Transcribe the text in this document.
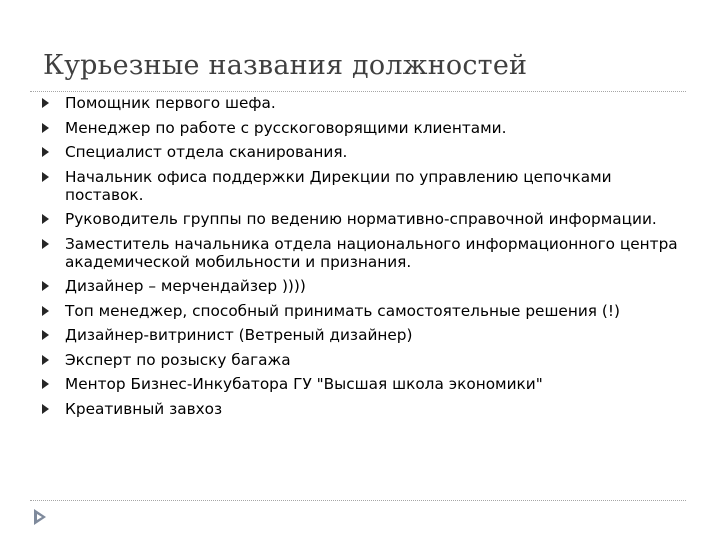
Курьезные названия должностей
Помощник первого шефа.
Менеджер по работе с русскоговорящими клиентами.
Специалист отдела сканирования.
Начальник офиса поддержки Дирекции по управлению цепочками поставок.
Руководитель группы по ведению нормативно-справочной информации.
Заместитель начальника отдела национального информационного центра академической мобильности и признания.
Дизайнер – мерчендайзер ))))
Топ менеджер, способный принимать самостоятельные решения (!)
Дизайнер-витринист (Ветреный дизайнер)
Эксперт по розыску багажа
Ментор Бизнес-Инкубатора ГУ "Высшая школа экономики"
Креативный завхоз
